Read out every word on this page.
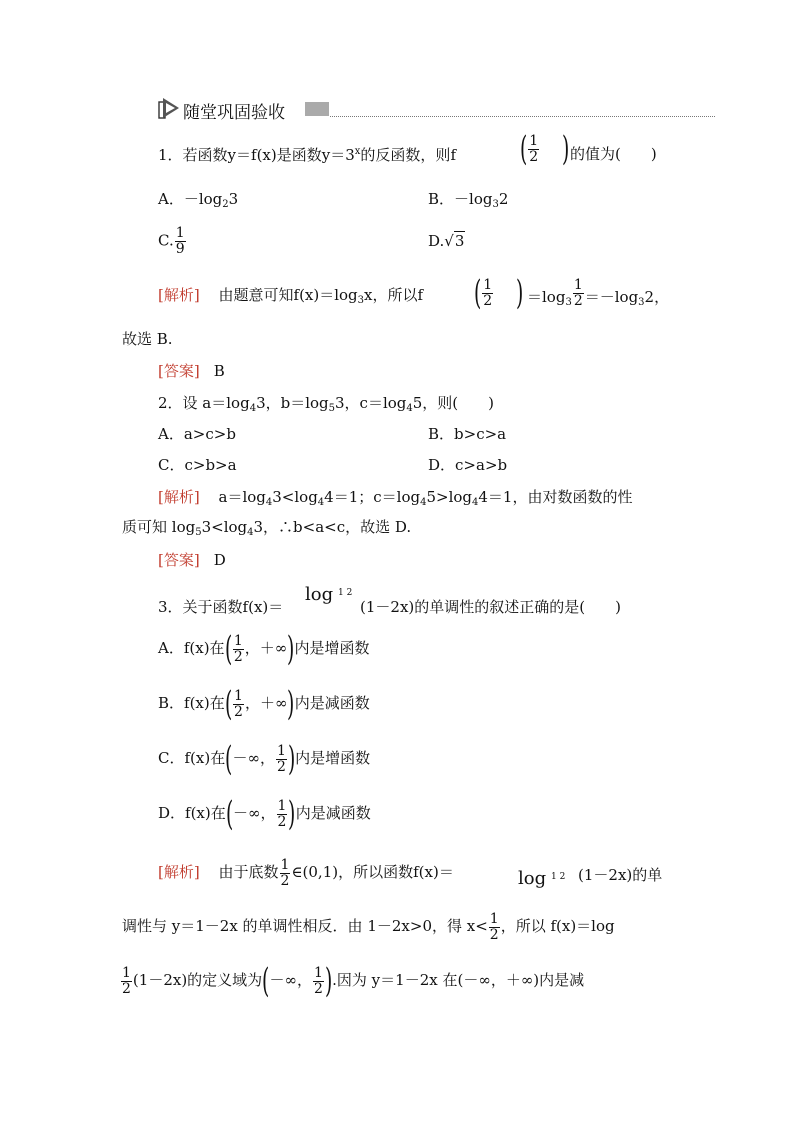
随堂巩固验收
1．若函数y＝f(x)是函数$y=3^x$的反函数，则f ( $\frac{1}{2}$ ) 的值为(　　)
A．$-\log_23$	B．$-\log_32$
C. $\frac{1}{9}$	D.√3
[解析] 由题意可知$f(x)=\log_3x$，所以f ( $\frac{1}{2}$ ) $=\log_3 \frac{1}{2} =-\log_32$，
故选 B.
[答案] B
2．设 $a=\log_43$，$b=\log_53$，$c=\log_45$，则(　　)
A．a>c>b	B．b>c>a
C．c>b>a	D．c>a>b
[解析] $a=\log_43<\log_44=1$；$c=\log_45>\log_44=1$，由对数函数的性
质可知 $\log_53<\log_43$，∴b<a<c，故选 D.
[答案] D
3．关于函数f(x)＝
log 1 2
(1－2x)的单调性的叙述正确的是(　　)
A．f(x)在( $\frac{1}{2}$ ，＋∞)内是增函数
B．f(x)在( $\frac{1}{2}$ ，＋∞)内是减函数
C．f(x)在(－∞， $\frac{1}{2}$ )内是增函数
D．f(x)在(－∞， $\frac{1}{2}$ )内是减函数
[解析] 由于底数 $\frac{1}{2}$ ∈(0,1)，所以函数f(x)＝	log 1 2 (1－2x)的单
调性与 y＝1－2x 的单调性相反．由 1－2x>0，得 $x< \frac{1}{2}$ ，所以 f(x)＝log
$\frac{1}{2} (1-2x)$的定义域为(－∞， $\frac{1}{2}$ ).因为 y＝1－2x 在(－∞，＋∞)内是减
